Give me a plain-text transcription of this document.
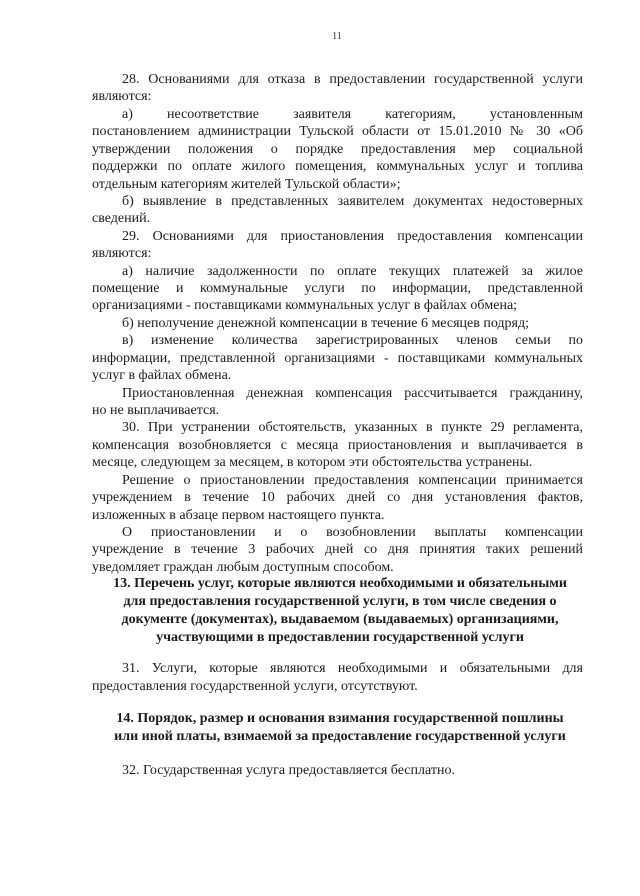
11
28. Основаниями для отказа в предоставлении государственной услуги
являются:
а) несоответствие заявителя категориям, установленным
постановлением администрации Тульской области от 15.01.2010 № 30 «Об
утверждении положения о порядке предоставления мер социальной
поддержки по оплате жилого помещения, коммунальных услуг и топлива
отдельным категориям жителей Тульской области»;
б) выявление в представленных заявителем документах недостоверных
сведений.
29. Основаниями для приостановления предоставления компенсации
являются:
а) наличие задолженности по оплате текущих платежей за жилое
помещение и коммунальные услуги по информации, представленной
организациями - поставщиками коммунальных услуг в файлах обмена;
б) неполучение денежной компенсации в течение 6 месяцев подряд;
в) изменение количества зарегистрированных членов семьи по
информации, представленной организациями - поставщиками коммунальных
услуг в файлах обмена.
Приостановленная денежная компенсация рассчитывается гражданину,
но не выплачивается.
30. При устранении обстоятельств, указанных в пункте 29 регламента,
компенсация возобновляется с месяца приостановления и выплачивается в
месяце, следующем за месяцем, в котором эти обстоятельства устранены.
Решение о приостановлении предоставления компенсации принимается
учреждением в течение 10 рабочих дней со дня установления фактов,
изложенных в абзаце первом настоящего пункта.
О приостановлении и о возобновлении выплаты компенсации
учреждение в течение 3 рабочих дней со дня принятия таких решений
уведомляет граждан любым доступным способом.
13. Перечень услуг, которые являются необходимыми и обязательными
для предоставления государственной услуги, в том числе сведения о
документе (документах), выдаваемом (выдаваемых) организациями,
участвующими в предоставлении государственной услуги
31. Услуги, которые являются необходимыми и обязательными для
предоставления государственной услуги, отсутствуют.
14. Порядок, размер и основания взимания государственной пошлины
или иной платы, взимаемой за предоставление государственной услуги
32. Государственная услуга предоставляется бесплатно.
